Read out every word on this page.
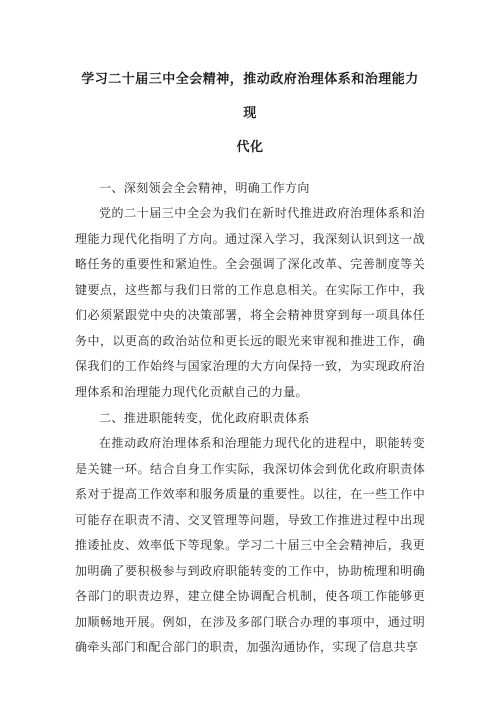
学习二十届三中全会精神，推动政府治理体系和治理能力现
代化

一、深刻领会全会精神，明确工作方向

党的二十届三中全会为我们在新时代推进政府治理体系和治理能力现代化指明了方向。通过深入学习，我深刻认识到这一战略任务的重要性和紧迫性。全会强调了深化改革、完善制度等关键要点，这些都与我们日常的工作息息相关。在实际工作中，我们必须紧跟党中央的决策部署，将全会精神贯穿到每一项具体任务中，以更高的政治站位和更长远的眼光来审视和推进工作，确保我们的工作始终与国家治理的大方向保持一致，为实现政府治理体系和治理能力现代化贡献自己的力量。

二、推进职能转变，优化政府职责体系

在推动政府治理体系和治理能力现代化的进程中，职能转变是关键一环。结合自身工作实际，我深切体会到优化政府职责体系对于提高工作效率和服务质量的重要性。以往，在一些工作中可能存在职责不清、交叉管理等问题，导致工作推进过程中出现推诿扯皮、效率低下等现象。学习二十届三中全会精神后，我更加明确了要积极参与到政府职能转变的工作中，协助梳理和明确各部门的职责边界，建立健全协调配合机制，使各项工作能够更加顺畅地开展。例如，在涉及多部门联合办理的事项中，通过明确牵头部门和配合部门的职责，加强沟通协作，实现了信息共享
